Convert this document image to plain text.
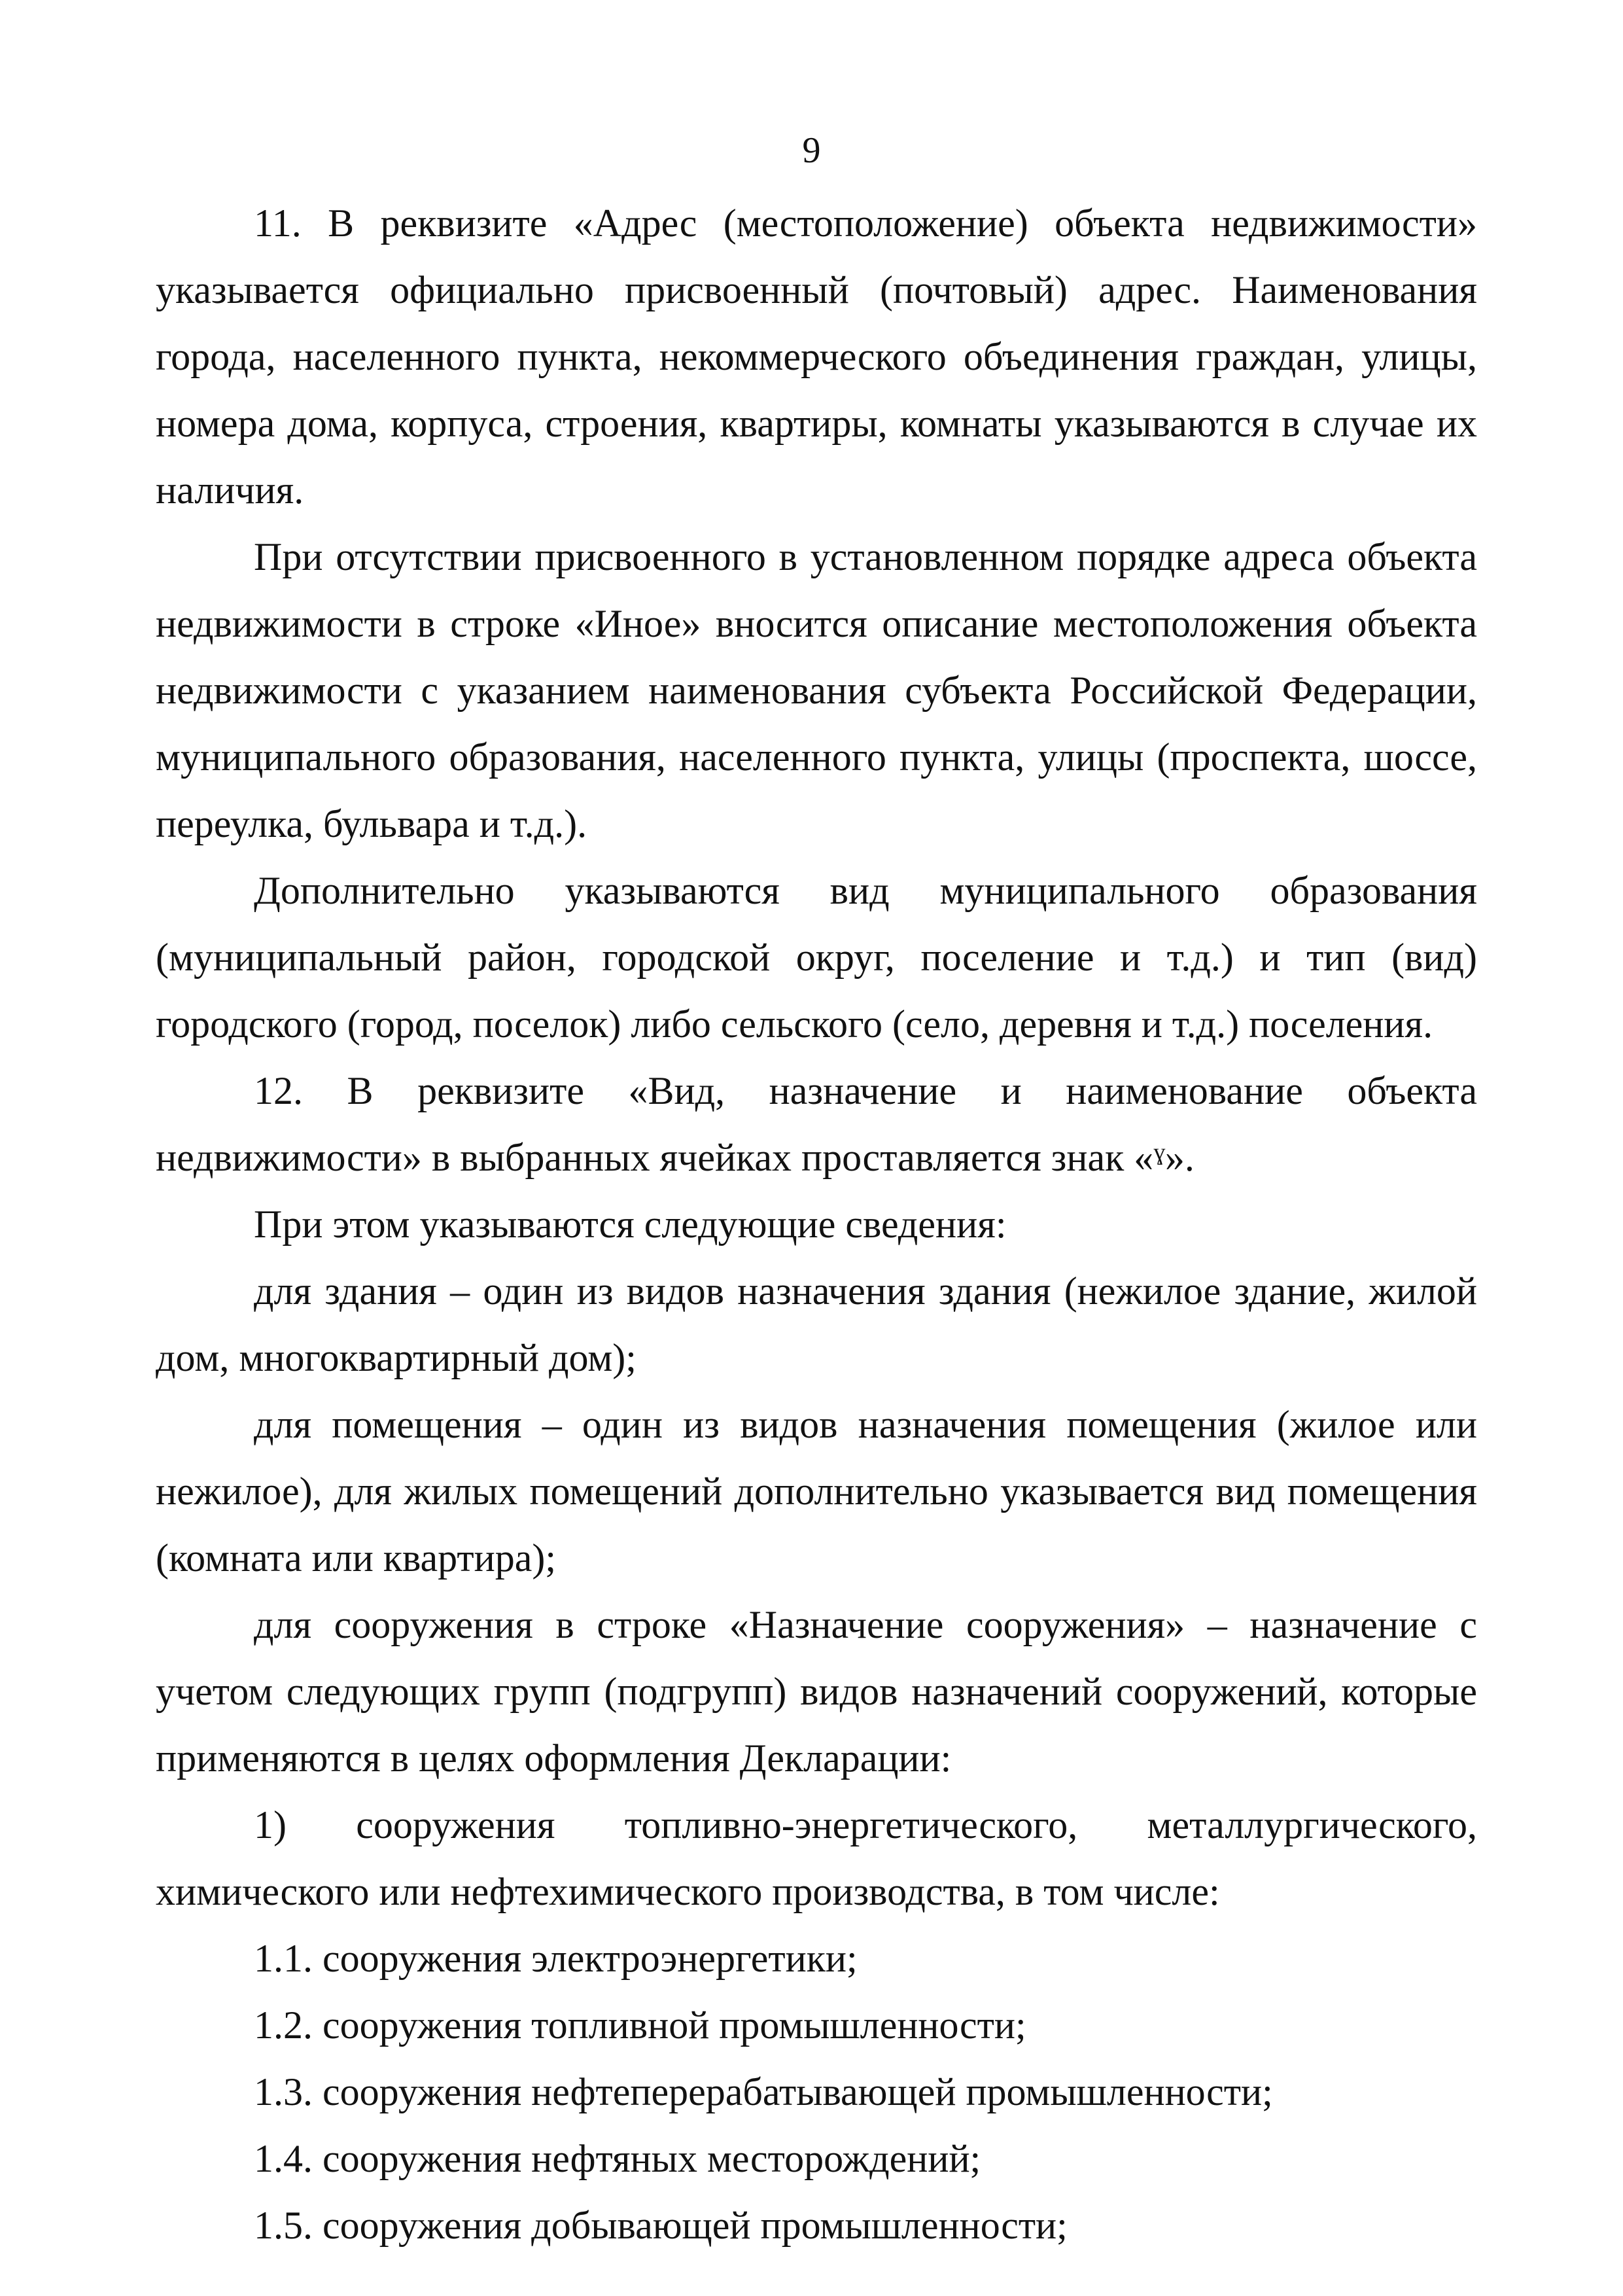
9

11. В реквизите «Адрес (местоположение) объекта недвижимости» указывается официально присвоенный (почтовый) адрес. Наименования города, населенного пункта, некоммерческого объединения граждан, улицы, номера дома, корпуса, строения, квартиры, комнаты указываются в случае их наличия.

При отсутствии присвоенного в установленном порядке адреса объекта недвижимости в строке «Иное» вносится описание местоположения объекта недвижимости с указанием наименования субъекта Российской Федерации, муниципального образования, населенного пункта, улицы (проспекта, шоссе, переулка, бульвара и т.д.).

Дополнительно указываются вид муниципального образования (муниципальный район, городской округ, поселение и т.д.) и тип (вид) городского (город, поселок) либо сельского (село, деревня и т.д.) поселения.

12. В реквизите «Вид, назначение и наименование объекта недвижимости» в выбранных ячейках проставляется знак «ˠ».

При этом указываются следующие сведения:

для здания – один из видов назначения здания (нежилое здание, жилой дом, многоквартирный дом);

для помещения – один из видов назначения помещения (жилое или нежилое), для жилых помещений дополнительно указывается вид помещения (комната или квартира);

для сооружения в строке «Назначение сооружения» – назначение с учетом следующих групп (подгрупп) видов назначений сооружений, которые применяются в целях оформления Декларации:

1) сооружения топливно-энергетического, металлургического, химического или нефтехимического производства, в том числе:

1.1. сооружения электроэнергетики;

1.2. сооружения топливной промышленности;

1.3. сооружения нефтеперерабатывающей промышленности;

1.4. сооружения нефтяных месторождений;

1.5. сооружения добывающей промышленности;
